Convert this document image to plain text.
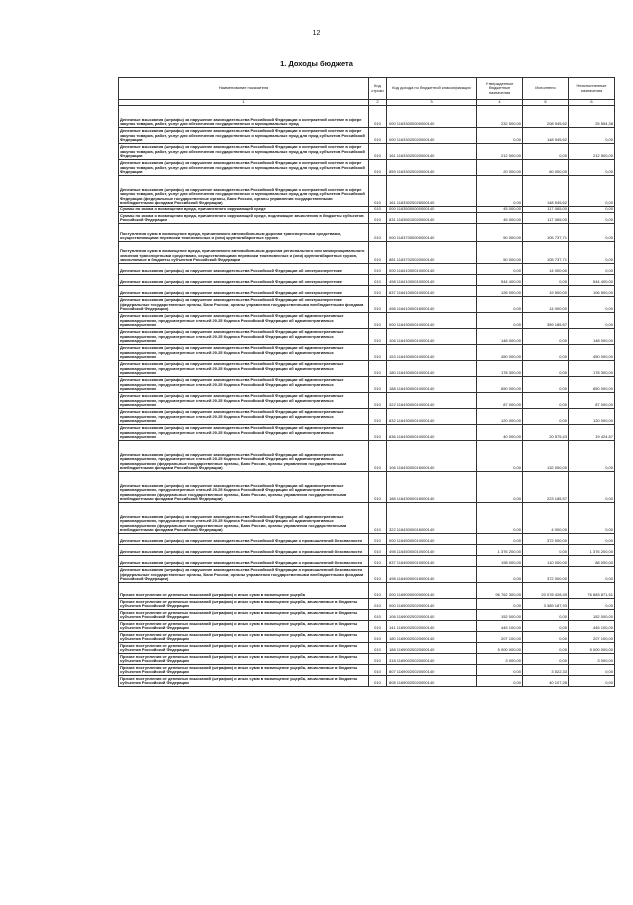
12
1. Доходы бюджета
Наименование показателя	Код строки	Код дохода по бюджетной классификации	Утвержденные бюджетные назначения	Исполнено	Неисполненные назначения
1	2	3	4	5	6
Денежные взыскания (штрафы) за нарушение законодательства Российской Федерации о контрактной системе в сфере закупок товаров, работ, услуг для обеспечения государственных и муниципальных нужд	010	000 11633000000000140	232 500,00	208 945,62	25 554,38
Денежные взыскания (штрафы) за нарушение законодательства Российской Федерации о контрактной системе в сфере закупок товаров, работ, услуг для обеспечения государственных и муниципальных нужд для нужд субъектов Российской Федерации	010	000 11633020020000140	0,00	148 945,62	0,00
Денежные взыскания (штрафы) за нарушение законодательства Российской Федерации о контрактной системе в сфере закупок товаров, работ, услуг для обеспечения государственных и муниципальных нужд для нужд субъектов Российской Федерации	010	161 11633020020000140	212 500,00	0,00	212 500,00
Денежные взыскания (штрафы) за нарушение законодательства Российской Федерации о контрактной системе в сфере закупок товаров, работ, услуг для обеспечения государственных и муниципальных нужд для нужд субъектов Российской Федерации	010	859 11633020020000140	20 000,00	60 000,00	0,00
Денежные взыскания (штрафы) за нарушение законодательства Российской Федерации о контрактной системе в сфере закупок товаров, работ, услуг для обеспечения государственных и муниципальных нужд для нужд субъектов Российской Федерации (федеральные государственные органы, Банк России, органы управления государственными внебюджетными фондами Российской Федерации)	010	161 11633020026000140	0,00	148 945,62	0,00
Суммы по искам о возмещении вреда, причиненного окружающей среде	010	000 11635000000000140	45 000,00	117 065,00	0,00
Суммы по искам о возмещении вреда, причиненного окружающей среде, подлежащие зачислению в бюджеты субъектов Российской Федерации	010	831 11635010020000140	45 000,00	117 065,00	0,00
Поступления сумм в возмещение вреда, причиняемого автомобильным дорогам транспортными средствами, осуществляющими перевозки тяжеловесных и (или) крупногабаритных грузов	010	000 11637000000000140	50 000,00	105 737,71	0,00
Поступления сумм в возмещение вреда, причиняемого автомобильным дорогам регионального или межмуниципального значения транспортными средствами, осуществляющими перевозки тяжеловесных и (или) крупногабаритных грузов, зачисляемые в бюджеты субъектов Российской Федерации	010	881 11637020020000140	50 000,00	105 737,71	0,00
Денежные взыскания (штрафы) за нарушение законодательства Российской Федерации об электроэнергетике	010	000 11641000010000140	0,00	14 000,00	0,00
Денежные взыскания (штрафы) за нарушение законодательства Российской Федерации об электроэнергетике	010	498 11641000010000140	544 400,00	0,00	544 400,00
Денежные взыскания (штрафы) за нарушение законодательства Российской Федерации об электроэнергетике	010	837 11641000010000140	126 000,00	19 500,00	106 500,00
Денежные взыскания (штрафы) за нарушение законодательства Российской Федерации об электроэнергетике (федеральные государственные органы, Банк России, органы управления государственными внебюджетными фондами Российской Федерации)	010	498 11641000016000140	0,00	14 000,00	0,00
Денежные взыскания (штрафы) за нарушение законодательства Российской Федерации об административных правонарушениях, предусмотренные статьей 20.25 Кодекса Российской Федерации об административных правонарушениях	010	000 11643000010000140	0,00	359 185,57	0,00
Денежные взыскания (штрафы) за нарушение законодательства Российской Федерации об административных правонарушениях, предусмотренные статьей 20.25 Кодекса Российской Федерации об административных правонарушениях	010	106 11643000010000140	148 000,00	0,00	148 000,00
Денежные взыскания (штрафы) за нарушение законодательства Российской Федерации об административных правонарушениях, предусмотренные статьей 20.25 Кодекса Российской Федерации об административных правонарушениях	010	153 11643000010000140	450 000,00	0,00	450 000,00
Денежные взыскания (штрафы) за нарушение законодательства Российской Федерации об административных правонарушениях, предусмотренные статьей 20.25 Кодекса Российской Федерации об административных правонарушениях	010	180 11643000010000140	178 300,00	0,00	178 300,00
Денежные взыскания (штрафы) за нарушение законодательства Российской Федерации об административных правонарушениях, предусмотренные статьей 20.25 Кодекса Российской Федерации об административных правонарушениях	010	188 11643000010000140	650 000,00	0,00	650 000,00
Денежные взыскания (штрафы) за нарушение законодательства Российской Федерации об административных правонарушениях, предусмотренные статьей 20.25 Кодекса Российской Федерации об административных правонарушениях	010	322 11643000010000140	87 000,00	0,00	87 000,00
Денежные взыскания (штрафы) за нарушение законодательства Российской Федерации об административных правонарушениях, предусмотренные статьей 20.25 Кодекса Российской Федерации об административных правонарушениях	010	832 11643000010000140	120 000,00	0,00	120 000,00
Денежные взыскания (штрафы) за нарушение законодательства Российской Федерации об административных правонарушениях, предусмотренные статьей 20.25 Кодекса Российской Федерации об административных правонарушениях	010	836 11643000010000140	40 000,00	20 575,43	19 424,57
Денежные взыскания (штрафы) за нарушение законодательства Российской Федерации об административных правонарушениях, предусмотренные статьей 20.25 Кодекса Российской Федерации об административных правонарушениях (федеральные государственные органы, Банк России, органы управления государственными внебюджетными фондами Российской Федерации)	010	106 11643000016000140	0,00	132 000,00	0,00
Денежные взыскания (штрафы) за нарушение законодательства Российской Федерации об административных правонарушениях, предусмотренные статьей 20.25 Кодекса Российской Федерации об административных правонарушениях (федеральные государственные органы, Банк России, органы управления государственными внебюджетными фондами Российской Федерации)	010	188 11643000016000140	0,00	223 185,57	0,00
Денежные взыскания (штрафы) за нарушение законодательства Российской Федерации об административных правонарушениях, предусмотренные статьей 20.25 Кодекса Российской Федерации об административных правонарушениях (федеральные государственные органы, Банк России, органы управления государственными внебюджетными фондами Российской Федерации)	010	322 11643000016000140	0,00	4 000,00	0,00
Денежные взыскания (штрафы) за нарушение законодательства Российской Федерации о промышленной безопасности	010	000 11645000010000140	0,00	372 000,00	0,00
Денежные взыскания (штрафы) за нарушение законодательства Российской Федерации о промышленной безопасности	010	498 11645000010000140	1 376 200,00	0,00	1 376 200,00
Денежные взыскания (штрафы) за нарушение законодательства Российской Федерации о промышленной безопасности	010	837 11645000010000140	198 000,00	110 000,00	88 000,00
Денежные взыскания (штрафы) за нарушение законодательства Российской Федерации о промышленной безопасности (федеральные государственные органы, Банк России, органы управления государственными внебюджетными фондами Российской Федерации)	010	498 11645000016000140	0,00	372 000,00	0,00
Прочие поступления от денежных взысканий (штрафов) и иных сумм в возмещение ущерба	010	000 11690000000000140	96 762 300,00	20 078 428,49	76 683 871,51
Прочие поступления от денежных взысканий (штрафов) и иных сумм в возмещение ущерба, зачисляемые в бюджеты субъектов Российской Федерации	010	000 11690020020000140	0,00	3 389 187,93	0,00
Прочие поступления от денежных взысканий (штрафов) и иных сумм в возмещение ущерба, зачисляемые в бюджеты субъектов Российской Федерации	010	106 11690020020000140	152 000,00	0,00	152 000,00
Прочие поступления от денежных взысканий (штрафов) и иных сумм в возмещение ущерба, зачисляемые в бюджеты субъектов Российской Федерации	010	141 11690020020000140	445 100,00	0,00	445 100,00
Прочие поступления от денежных взысканий (штрафов) и иных сумм в возмещение ущерба, зачисляемые в бюджеты субъектов Российской Федерации	010	180 11690020020000140	207 100,00	0,00	207 100,00
Прочие поступления от денежных взысканий (штрафов) и иных сумм в возмещение ущерба, зачисляемые в бюджеты субъектов Российской Федерации	010	188 11690020020000140	5 000 000,00	0,00	5 000 000,00
Прочие поступления от денежных взысканий (штрафов) и иных сумм в возмещение ущерба, зачисляемые в бюджеты субъектов Российской Федерации	010	318 11690020020000140	3 000,00	0,00	3 000,00
Прочие поступления от денежных взысканий (штрафов) и иных сумм в возмещение ущерба, зачисляемые в бюджеты субъектов Российской Федерации	010	807 11690020020000140	0,00	3 522,33	0,00
Прочие поступления от денежных взысканий (штрафов) и иных сумм в возмещение ущерба, зачисляемые в бюджеты субъектов Российской Федерации	010	808 11690020020000140	0,00	40 107,28	0,00
